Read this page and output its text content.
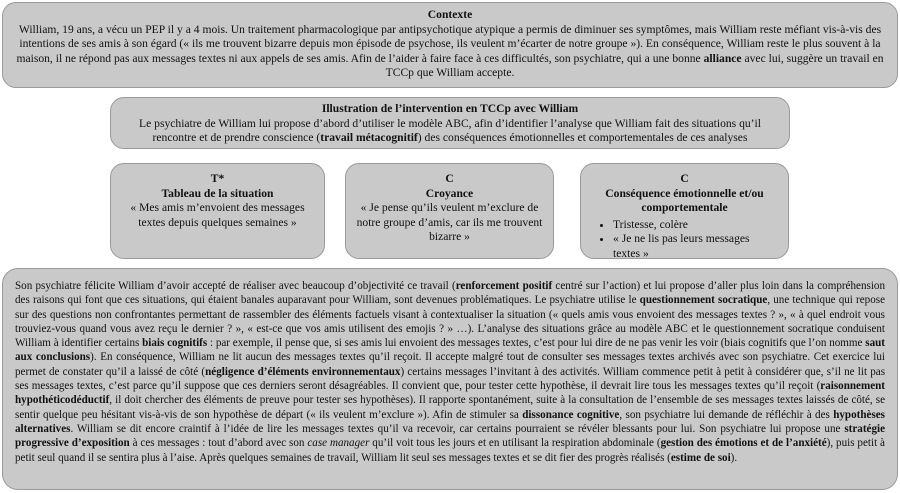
Contexte
William, 19 ans, a vécu un PEP il y a 4 mois. Un traitement pharmacologique par antipsychotique atypique a permis de diminuer ses symptômes, mais William reste méfiant vis-à-vis des intentions de ses amis à son égard (« ils me trouvent bizarre depuis mon épisode de psychose, ils veulent m’écarter de notre groupe »). En conséquence, William reste le plus souvent à la maison, il ne répond pas aux messages textes ni aux appels de ses amis. Afin de l’aider à faire face à ces difficultés, son psychiatre, qui a une bonne alliance avec lui, suggère un travail en TCCp que William accepte.
Illustration de l’intervention en TCCp avec William
Le psychiatre de William lui propose d’abord d’utiliser le modèle ABC, afin d’identifier l’analyse que William fait des situations qu’il rencontre et de prendre conscience (travail métacognitif) des conséquences émotionnelles et comportementales de ces analyses
T*
Tableau de la situation
« Mes amis m’envoient des messages textes depuis quelques semaines »
C
Croyance
« Je pense qu’ils veulent m’exclure de notre groupe d’amis, car ils me trouvent bizarre »
C
Conséquence émotionnelle et/ou comportementale
• Tristesse, colère
• « Je ne lis pas leurs messages textes »

Son psychiatre félicite William d’avoir accepté de réaliser avec beaucoup d’objectivité ce travail (renforcement positif centré sur l’action) et lui propose d’aller plus loin dans la compréhension des raisons qui font que ces situations, qui étaient banales auparavant pour William, sont devenues problématiques. Le psychiatre utilise le questionnement socratique, une technique qui repose sur des questions non confrontantes permettant de rassembler des éléments factuels visant à contextualiser la situation (« quels amis vous envoient des messages textes ? », « à quel endroit vous trouviez-vous quand vous avez reçu le dernier ? », « est-ce que vos amis utilisent des emojis ? » …). L’analyse des situations grâce au modèle ABC et le questionnement socratique conduisent William à identifier certains biais cognitifs : par exemple, il pense que, si ses amis lui envoient des messages textes, c’est pour lui dire de ne pas venir les voir (biais cognitifs que l’on nomme saut aux conclusions). En conséquence, William ne lit aucun des messages textes qu’il reçoit. Il accepte malgré tout de consulter ses messages textes archivés avec son psychiatre. Cet exercice lui permet de constater qu’il a laissé de côté (négligence d’éléments environnementaux) certains messages l’invitant à des activités. William commence petit à petit à considérer que, s’il ne lit pas ses messages textes, c’est parce qu’il suppose que ces derniers seront désagréables. Il convient que, pour tester cette hypothèse, il devrait lire tous les messages textes qu’il reçoit (raisonnement hypothéticodéductif, il doit chercher des éléments de preuve pour tester ses hypothèses). Il rapporte spontanément, suite à la consultation de l’ensemble de ses messages textes laissés de côté, se sentir quelque peu hésitant vis-à-vis de son hypothèse de départ (« ils veulent m’exclure »). Afin de stimuler sa dissonance cognitive, son psychiatre lui demande de réfléchir à des hypothèses alternatives. William se dit encore craintif à l’idée de lire les messages textes qu’il va recevoir, car certains pourraient se révéler blessants pour lui. Son psychiatre lui propose une stratégie progressive d’exposition à ces messages : tout d’abord avec son case manager qu’il voit tous les jours et en utilisant la respiration abdominale (gestion des émotions et de l’anxiété), puis petit à petit seul quand il se sentira plus à l’aise. Après quelques semaines de travail, William lit seul ses messages textes et se dit fier des progrès réalisés (estime de soi).
